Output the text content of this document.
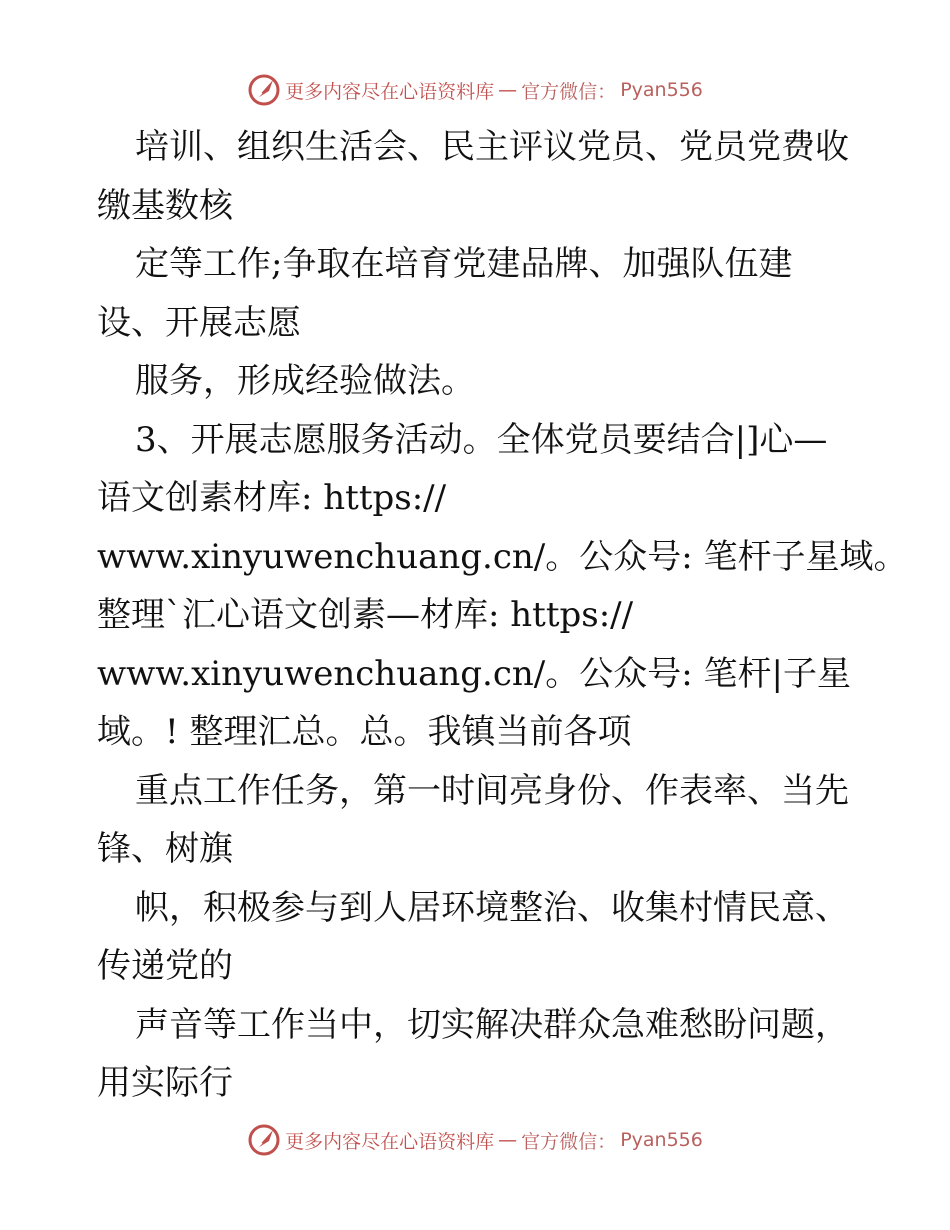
更多内容尽在心语资料库 — 官方微信： Pyan556
培训、组织生活会、民主评议党员、党员党费收
缴基数核
定等工作;争取在培育党建品牌、加强队伍建
设、开展志愿
服务，形成经验做法。
3、开展志愿服务活动。全体党员要结合|]心—
语文创素材库: https://
www.xinyuwenchuang.cn/。公众号: 笔杆子星域。
整理`汇心语文创素—材库: https://
www.xinyuwenchuang.cn/。公众号: 笔杆|子星
域。! 整理汇总。总。我镇当前各项
重点工作任务，第一时间亮身份、作表率、当先
锋、树旗
帜，积极参与到人居环境整治、收集村情民意、
传递党的
声音等工作当中，切实解决群众急难愁盼问题，
用实际行
更多内容尽在心语资料库 — 官方微信： Pyan556
